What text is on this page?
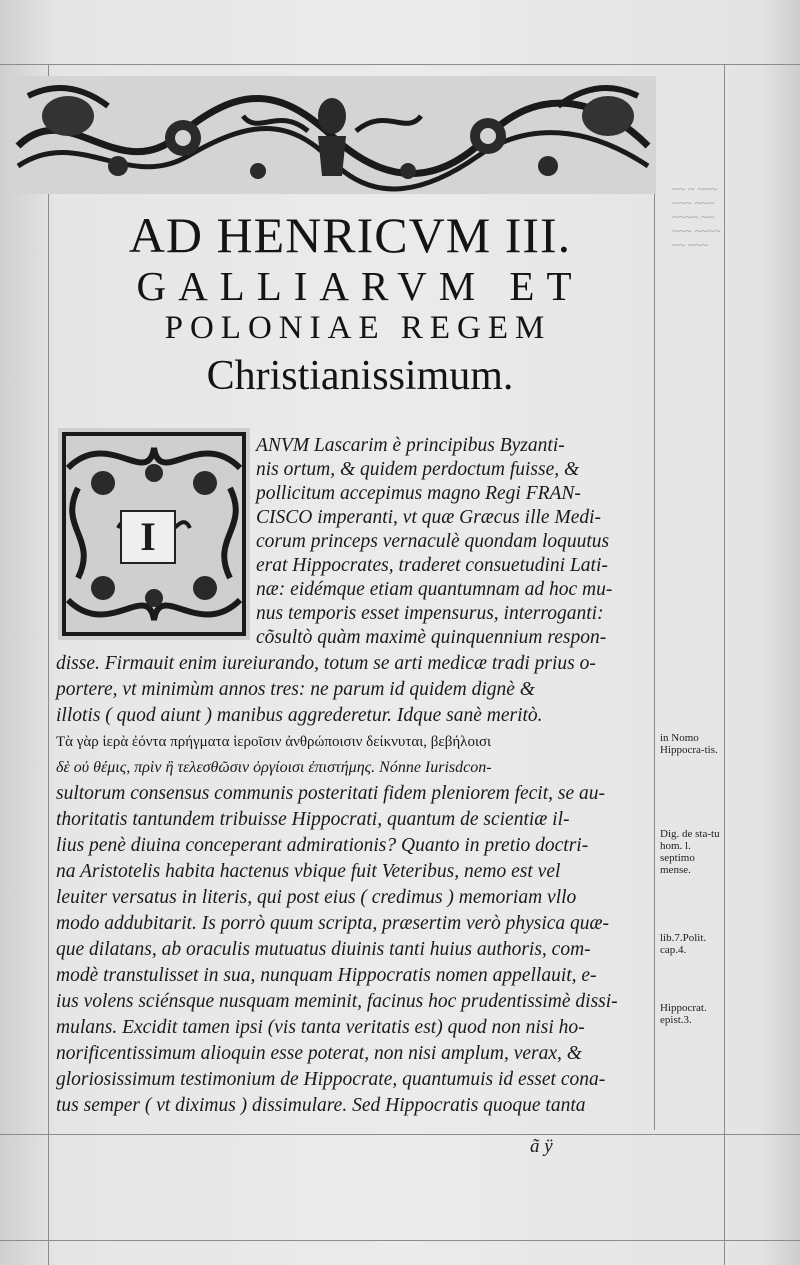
~~ ~ ~~~
~~~ ~~~
~~~~ ~~
~~~ ~~~~
~~ ~~~
AD HENRICVM III.
GALLIARVM ET
POLONIAE REGEM
Christianissimum.
I
ANVM Lascarim è principibus Byzanti-
nis ortum, & quidem perdoctum fuisse, &
pollicitum accepimus magno Regi FRAN-
CISCO imperanti, vt quæ Græcus ille Medi-
corum princeps vernaculè quondam loquutus
erat Hippocrates, traderet consuetudini Lati-
næ: eidémque etiam quantumnam ad hoc mu-
nus temporis esset impensurus, interroganti:
cõsultò quàm maximè quinquennium respon-
disse. Firmauit enim iureiurando, totum se arti medicæ tradi prius o-
portere, vt minimùm annos tres: ne parum id quidem dignè &
illotis ( quod aiunt ) manibus aggrederetur. Idque sanè meritò.
Τὰ γὰρ ἱερὰ ἐόντα πρήγματα ἱεροῖσιν ἀνθρώποισιν δείκνυται, βεβήλοισι
δὲ οὐ θέμις, πρὶν ἢ τελεσθῶσιν ὀργίοισι ἐπιστήμης. Nónne Iurisdcon-
sultorum consensus communis posteritati fidem pleniorem fecit, se au-
thoritatis tantundem tribuisse Hippocrati, quantum de scientiæ il-
lius penè diuina conceperant admirationis? Quanto in pretio doctri-
na Aristotelis habita hactenus vbique fuit Veteribus, nemo est vel
leuiter versatus in literis, qui post eius ( credimus ) memoriam vllo
modo addubitarit. Is porrò quum scripta, præsertim verò physica quæ-
que dilatans, ab oraculis mutuatus diuinis tanti huius authoris, com-
modè transtulisset in sua, nunquam Hippocratis nomen appellauit, e-
ius volens sciénsque nusquam meminit, facinus hoc prudentissimè dissi-
mulans. Excidit tamen ipsi (vis tanta veritatis est) quod non nisi ho-
norificentissimum alioquin esse poterat, non nisi amplum, verax, &
gloriosissimum testimonium de Hippocrate, quantumuis id esset cona-
tus semper ( vt diximus ) dissimulare. Sed Hippocratis quoque tanta
in Nomo Hippocra-tis.
Dig. de sta-tu hom. l. septimo mense.
lib.7.Polit. cap.4.
Hippocrat. epist.3.
ã ÿ
